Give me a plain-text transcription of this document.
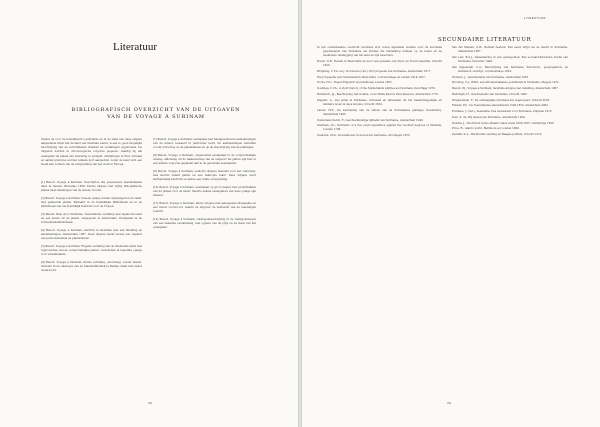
Literatuur
BIBLIOGRAFISCH OVERZICHT VAN DE UITGAVEN
VAN DE VOYAGE À SURINAM
Omdat de voor de kunsthistorici gebruikte en in de tekst van deze uitgave aangeduide titels van de hand van Stedman waren, is een zo goed mogelijke beschrijving van de verschillende drukken en vertalingen opgenomen. De uitgaven worden in chronologische volgorde gegeven, waarbij bij elk exemplaar de plaats van bewaring is vermeld. Afwijkingen in titel, formaat en aantal gravures worden telkens kort aangeduid, zodat de lezer zich een beeld kan vormen van de verspreiding van het werk in Europa.

[1] Benoit, Voyage à Surinam. Description des possessions néerlandaises dans la Guiane, Bruxelles 1839. Eerste uitgave met vijftig lithografische platen naar tekeningen van de auteur, in folio.

[2] Benoit, Voyage à Surinam; tweede oplage zonder wijzigingen in de tekst, met gekleurde platen. Bewaard in de Koninklijke Bibliotheek en in de bibliotheek van het Koninklijk Instituut voor de Tropen.

[3] Benoit, Reis door Suriname; Nederlandse vertaling met ingekorte tekst en een keuze uit de platen, uitgegeven te Amsterdam. Exemplaar in de Universiteitsbibliotheek.

[4] Benoit, Voyage à Surinam; herdruk in facsimile met een inleiding en aantekeningen, Amsterdam 1967. Deze uitgave bevat tevens een register van persoonsnamen en plaatsnamen.

[5] Benoit, Voyage à Surinam; Engelse vertaling van de inleidende tekst met reproducties van de oorspronkelijke platen, verschenen in beperkte oplage voor verzamelaars.

[6] Benoit, Voyage à Surinam; Duitse vertaling, onvolledig, zonder platen. Vermeld in de catalogus van de Staatsbibliothek te Berlijn, maar niet nader onderzocht.

[7] Benoit, Voyage à Surinam; exemplaar met handgeschreven aantekeningen van de auteur, bewaard in particulier bezit. De aantekeningen betreffen vooral correcties op de plaatsnamen en op de beschrijving van de plantages.

[8] Benoit, Voyage à Surinam; ongebonden exemplaar in de oorspronkelijke omslag, afkomstig uit de nalatenschap van de uitgever. De platen zijn hier in een andere volgorde geplaatst dan in de gebonden exemplaren.

[9] Benoit, Voyage à Surinam; verkorte uitgave bestemd voor het onderwijs, met slechts twaalf platen en een beknopte tekst. Deze uitgave werd herhaaldelijk herdrukt en kende een ruime verspreiding.

[10] Benoit, Voyage à Surinam; exemplaar op groot papier met proefdrukken van de platen vóór de letter. Slechts enkele exemplaren van deze oplage zijn bekend.

[11] Benoit, Voyage à Surinam; latere uitgave met aangepaste titelpagina en een nieuw voorwoord, waarin de uitgever de herkomst van de tekeningen toelicht.

[12] Benoit, Voyage à Surinam; catalogusbeschrijving in de veilingcatalogus van een bekende verzameling, met opgave van de prijs en de staat van het exemplaar.

28
LITERATUUR
SECUNDAIRE LITERATUUR

In het onderstaande overzicht bevinden zich zowel algemene werken over de koloniale geschiedenis van Suriname als studies die betrekking hebben op de kunst en de beeldende vastlegging van het land en zijn bewoners.

Bosch, G.B., Reizen in West-Indië en door een gedeelte van Zuid- en Noord-Amerika, Utrecht 1829.

Bruijning, C.F.A. en J. Voorhoeve (red.), Encyclopedie van Suriname, Amsterdam 1977.

Encyclopaedie van Nederlandsch West-Indië, 's-Gravenhage en Leiden 1914-1917.

Focke, H.C., Neger-Engelsch woordenboek, Leiden 1855.

Goslinga, C.Ch., A short history of the Netherlands Antilles and Surinam, Den Haag 1979.

Hartsinck, J.J., Beschryving van Guiana, of de Wilde Kust in Zuid-America, Amsterdam 1770.

Kappler, A., Zes jaren in Suriname. Schetsen en tafereelen uit het maatschappelijke en militaire leven in deze kolonie, Utrecht 1854.

Lamur, H.E., De kerstening van de slaven van de Surinaamse plantage Vossenburg, Amsterdam 1985.

Oudschans Dentz, F., Geschiedkundige tijdtafel van Suriname, Amsterdam 1949.

Stedman, J.G., Narrative of a five years expedition against the revolted negroes of Surinam, Londen 1796.

Teenstra, M.D., De landbouw in de kolonie Suriname, Groningen 1835.

Van der Meiden, G.W., Betwist bestuur. Een eeuw strijd om de macht in Suriname, Amsterdam 1987.

Van Lier, R.A.J., Samenleving in een grensgebied. Een sociaal-historische studie van Suriname, Deventer 1949.

Van Sijpesteijn, C.A., Beschrijving van Suriname, historisch-, geographisch- en statistisch overzigt, 's-Gravenhage 1854.

Wolbers, J., Geschiedenis van Suriname, Amsterdam 1861.

Wooding, C.J., Winti: een Afroamerikaanse godsdienst in Suriname, Meppel 1972.

Benoit, P.J., Voyage à Surinam, facsimile-uitgave met inleiding, Amsterdam 1967.

Buddingh, H., Geschiedenis van Suriname, Utrecht 1995.

Dragtenstein, F., De ondraaglijke stoutheid der wegloopers, Utrecht 2002.

Emmer, P.C., De Nederlandse slavenhandel 1500-1850, Amsterdam 2000.

Fontaine, J. (red.), Zeelandia. Een monument voor Suriname, Zutphen 1972.

Kom, A. de, Wij slaven van Suriname, Amsterdam 1934.

Postma, J., The Dutch in the Atlantic slave trade 1600-1815, Cambridge 1990.

Price, R., Alabi's world, Baltimore en Londen 1990.

Zeefuik, K.A., Hernhutter zending en Haagse politiek, Utrecht 1973.

29
